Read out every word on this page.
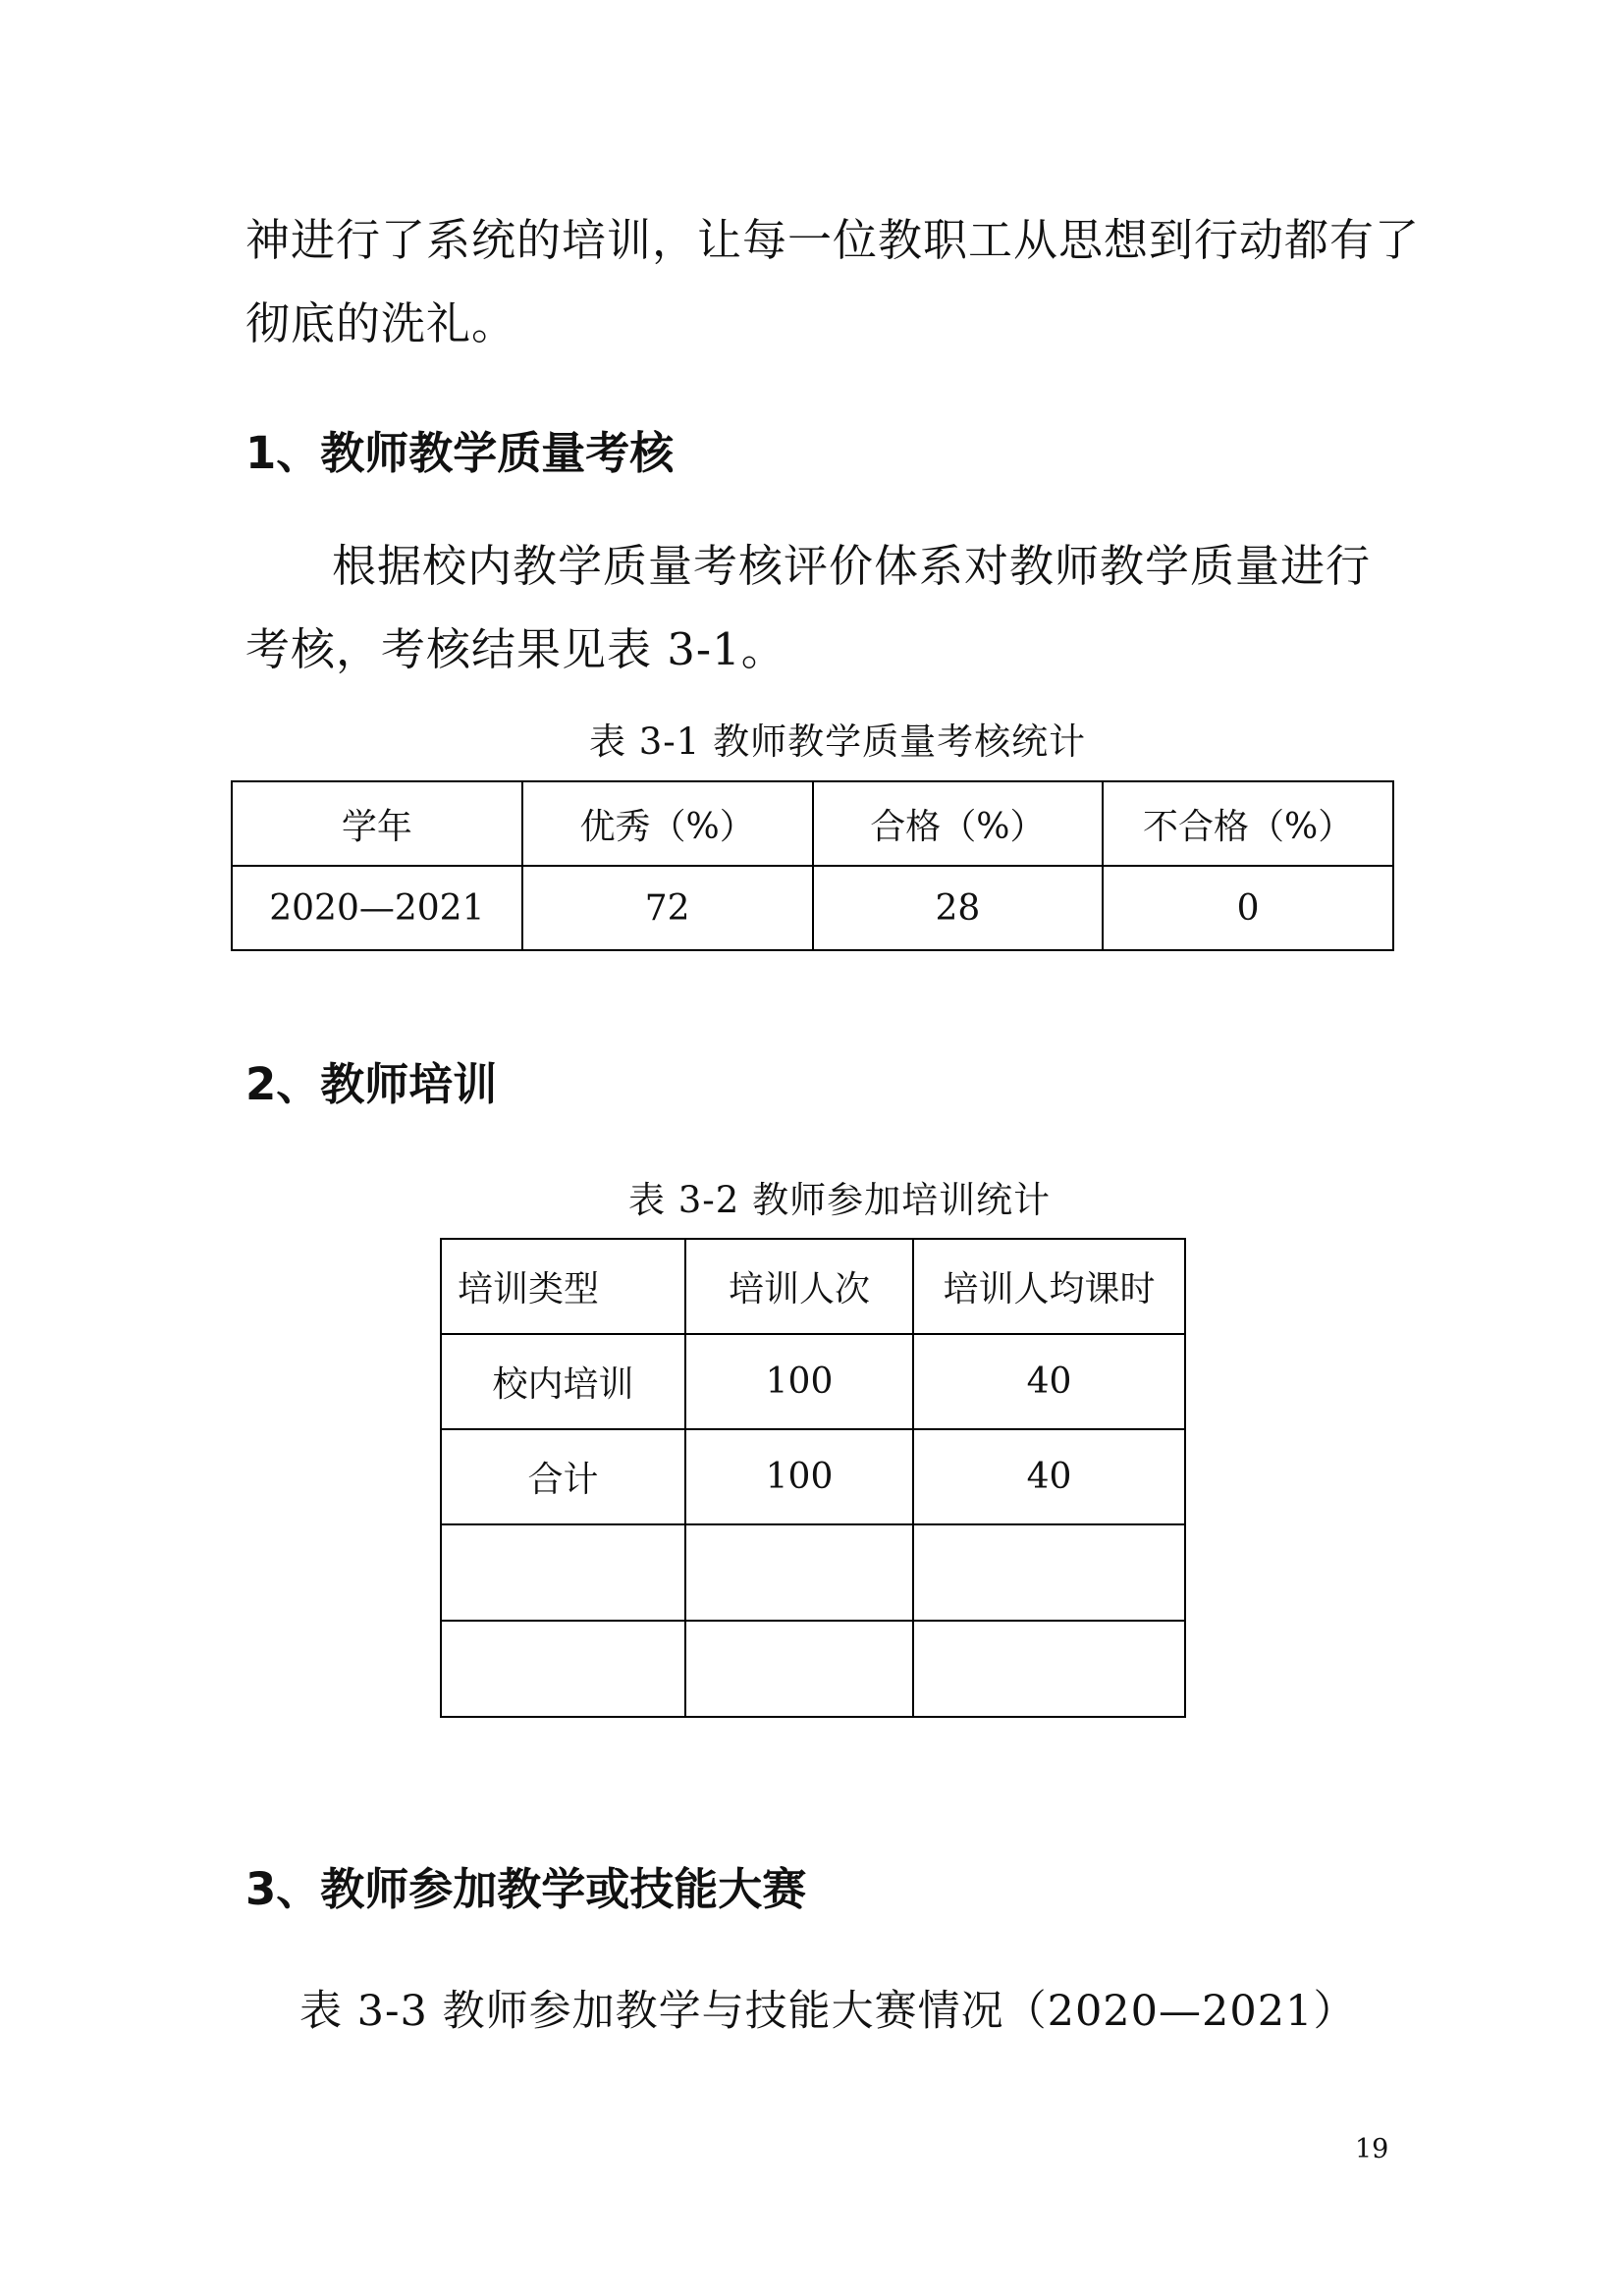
神进行了系统的培训，让每一位教职工从思想到行动都有了
彻底的洗礼。
1、教师教学质量考核
根据校内教学质量考核评价体系对教师教学质量进行
考核，考核结果见表 3-1。
表 3-1 教师教学质量考核统计
学年	优秀（%）	合格（%）	不合格（%）
2020—2021	72	28	0
2、教师培训
表 3-2 教师参加培训统计
培训类型	培训人次	培训人均课时
校内培训	100	40
合计	100	40

3、教师参加教学或技能大赛
表 3-3 教师参加教学与技能大赛情况（2020—2021）
19
